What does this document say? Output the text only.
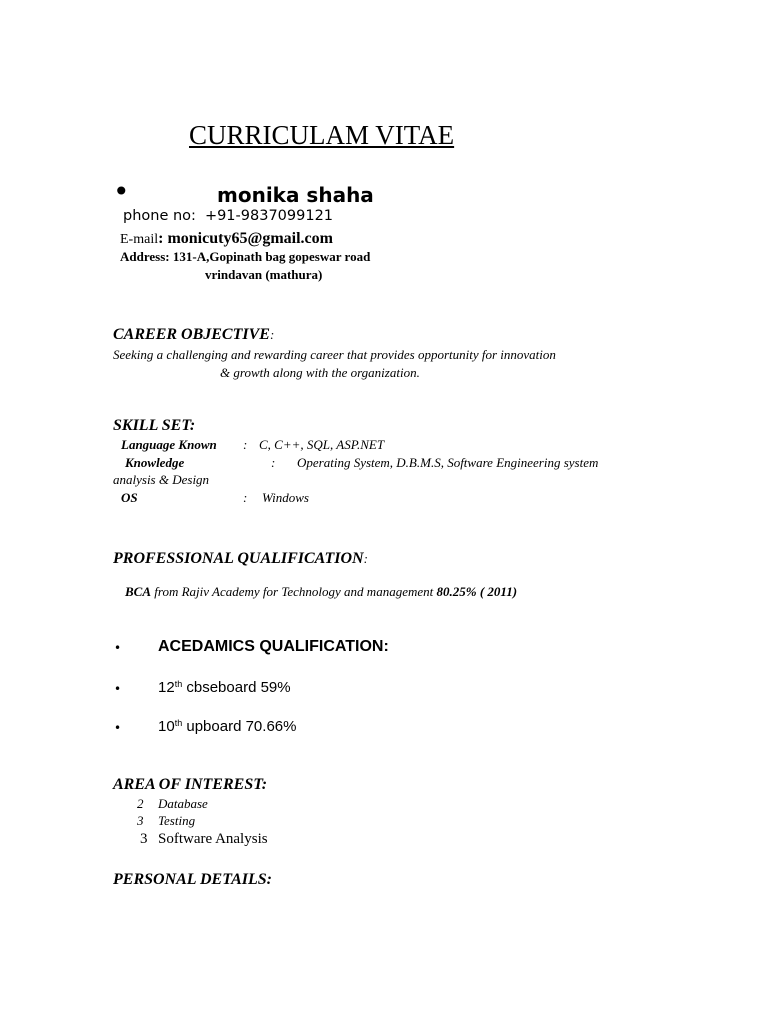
CURRICULAM VITAE
•	monika shaha
phone no: +91-9837099121
E-mail: monicuty65@gmail.com
Address: 131-A,Gopinath bag gopeswar road
vrindavan (mathura)
CAREER OBJECTIVE:
Seeking a challenging and rewarding career that provides opportunity for innovation
& growth along with the organization.
SKILL SET:
Language Known : C, C++, SQL, ASP.NET
Knowledge	: Operating System, D.B.M.S, Software Engineering system
analysis & Design
OS	: Windows
PROFESSIONAL QUALIFICATION:
BCA from Rajiv Academy for Technology and management 80.25% ( 2011)
• ACEDAMICS QUALIFICATION:
• 12th cbseboard 59%
• 10th upboard 70.66%
AREA OF INTEREST:
2 Database
3 Testing
3 Software Analysis
PERSONAL DETAILS:
